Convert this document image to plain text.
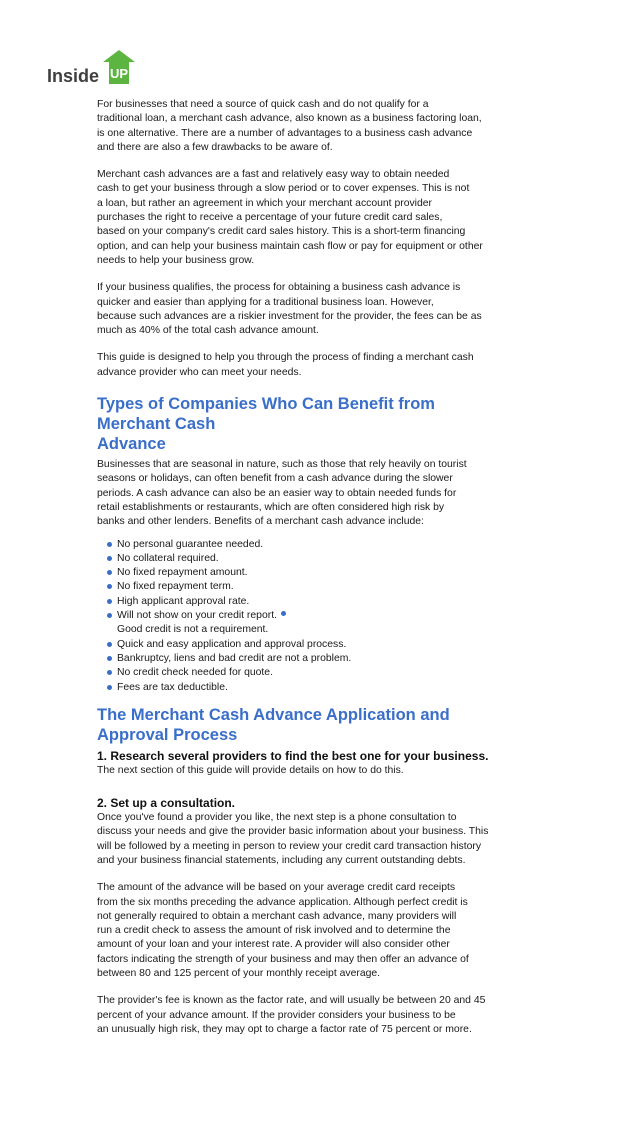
Inside UP

For businesses that need a source of quick cash and do not qualify for a
traditional loan, a merchant cash advance, also known as a business factoring loan,
is one alternative. There are a number of advantages to a business cash advance
and there are also a few drawbacks to be aware of.

Merchant cash advances are a fast and relatively easy way to obtain needed
cash to get your business through a slow period or to cover expenses. This is not
a loan, but rather an agreement in which your merchant account provider
purchases the right to receive a percentage of your future credit card sales,
based on your company's credit card sales history. This is a short-term financing
option, and can help your business maintain cash flow or pay for equipment or other
needs to help your business grow.

If your business qualifies, the process for obtaining a business cash advance is
quicker and easier than applying for a traditional business loan. However,
because such advances are a riskier investment for the provider, the fees can be as
much as 40% of the total cash advance amount.

This guide is designed to help you through the process of finding a merchant cash
advance provider who can meet your needs.

Types of Companies Who Can Benefit from
Merchant Cash
Advance

Businesses that are seasonal in nature, such as those that rely heavily on tourist
seasons or holidays, can often benefit from a cash advance during the slower
periods. A cash advance can also be an easier way to obtain needed funds for
retail establishments or restaurants, which are often considered high risk by
banks and other lenders. Benefits of a merchant cash advance include:

No personal guarantee needed.
No collateral required.
No fixed repayment amount.
No fixed repayment term.
High applicant approval rate.
Will not show on your credit report.
Good credit is not a requirement.
Quick and easy application and approval process.
Bankruptcy, liens and bad credit are not a problem.
No credit check needed for quote.
Fees are tax deductible.
The Merchant Cash Advance Application and
Approval Process
1. Research several providers to find the best one for your business.

The next section of this guide will provide details on how to do this.

2. Set up a consultation.

Once you've found a provider you like, the next step is a phone consultation to
discuss your needs and give the provider basic information about your business. This
will be followed by a meeting in person to review your credit card transaction history
and your business financial statements, including any current outstanding debts.

The amount of the advance will be based on your average credit card receipts
from the six months preceding the advance application. Although perfect credit is
not generally required to obtain a merchant cash advance, many providers will
run a credit check to assess the amount of risk involved and to determine the
amount of your loan and your interest rate. A provider will also consider other
factors indicating the strength of your business and may then offer an advance of
between 80 and 125 percent of your monthly receipt average.

The provider's fee is known as the factor rate, and will usually be between 20 and 45
percent of your advance amount. If the provider considers your business to be
an unusually high risk, they may opt to charge a factor rate of 75 percent or more.
